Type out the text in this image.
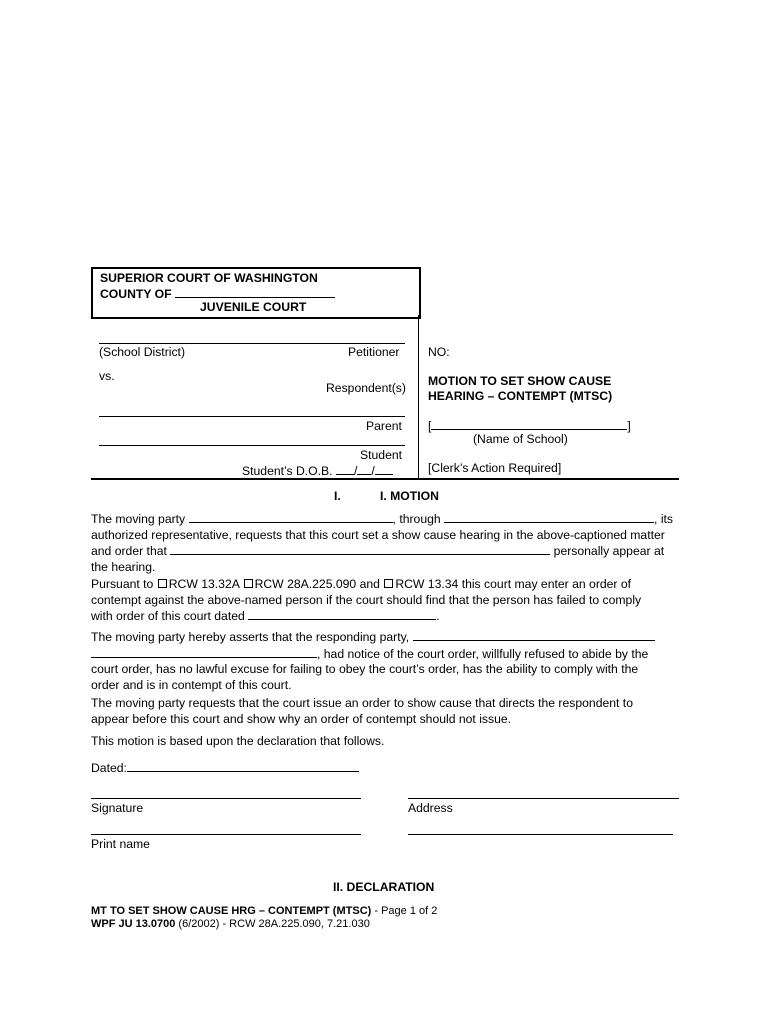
SUPERIOR COURT OF WASHINGTON
COUNTY OF
JUVENILE COURT
(School District)	Petitioner
vs.
Respondent(s)
Parent
Student
Student’s D.O.B. / /
NO:
MOTION TO SET SHOW CAUSE
HEARING – CONTEMPT (MTSC)
[	]
(Name of School)
[Clerk’s Action Required]
I.	I. MOTION
The moving party	, through	, its
authorized representative, requests that this court set a show cause hearing in the above-captioned matter
and order that	personally appear at
the hearing.
Pursuant to RCW 13.32A RCW 28A.225.090 and RCW 13.34 this court may enter an order of
contempt against the above-named person if the court should find that the person has failed to comply
with order of this court dated	.
The moving party hereby asserts that the responding party,
, had notice of the court order, willfully refused to abide by the
court order, has no lawful excuse for failing to obey the court’s order, has the ability to comply with the
order and is in contempt of this court.
The moving party requests that the court issue an order to show cause that directs the respondent to
appear before this court and show why an order of contempt should not issue.
This motion is based upon the declaration that follows.
Dated:
Signature	Address
Print name
II. DECLARATION
MT TO SET SHOW CAUSE HRG – CONTEMPT (MTSC) - Page 1 of 2
WPF JU 13.0700 (6/2002) - RCW 28A.225.090, 7.21.030
